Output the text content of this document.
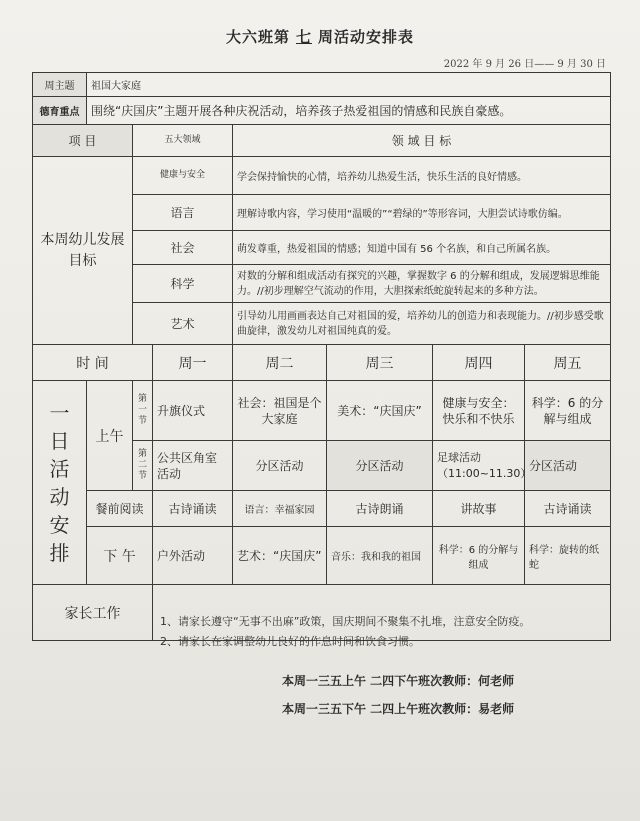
大六班第 七 周活动安排表
2022 年 9 月 26 日—— 9 月 30 日
周主题	祖国大家庭						
德育重点	围绕“庆国庆”主题开展各种庆祝活动，培养孩子热爱祖国的情感和民族自豪感。						
项 目		五大领域		领 域 目 标			
本周幼儿发展目标		健康与安全		学会保持愉快的心情，培养幼儿热爱生活，快乐生活的良好情感。			
		语言		理解诗歌内容，学习使用“温暖的”“碧绿的”等形容词，大胆尝试诗歌仿编。			
		社会		萌发尊重，热爱祖国的情感；知道中国有 56 个名族，和自己所属名族。			
		科学		对数的分解和组成活动有探究的兴趣，掌握数字 6 的分解和组成，发展逻辑思维能力。//初步理解空气流动的作用，大胆探索纸蛇旋转起来的多种方法。			
		艺术		引导幼儿用画画表达自己对祖国的爱，培养幼儿的创造力和表现能力。//初步感受歌曲旋律，激发幼儿对祖国纯真的爱。			
时 间			周一	周二	周三	周四	周五
一日活动安排	上午	第一节	升旗仪式	社会：祖国是个大家庭	美术：“庆国庆”	健康与安全：快乐和不快乐	科学：6 的分解与组成
		第二节	公共区角室活动	分区活动	分区活动	足球活动（11:00~11.30）	分区活动
	餐前阅读		古诗诵读	语言：幸福家园	古诗朗诵	讲故事	古诗诵读
	下 午		户外活动	艺术：“庆国庆”	音乐：我和我的祖国	科学：6 的分解与组成	科学：旋转的纸蛇
家长工作								1、请家长遵守“无事不出麻”政策，国庆期间不聚集不扎堆，注意安全防疫。
2、请家长在家调整幼儿良好的作息时间和饮食习惯。
本周一三五上午 二四下午班次教师：何老师
本周一三五下午 二四上午班次教师：易老师
